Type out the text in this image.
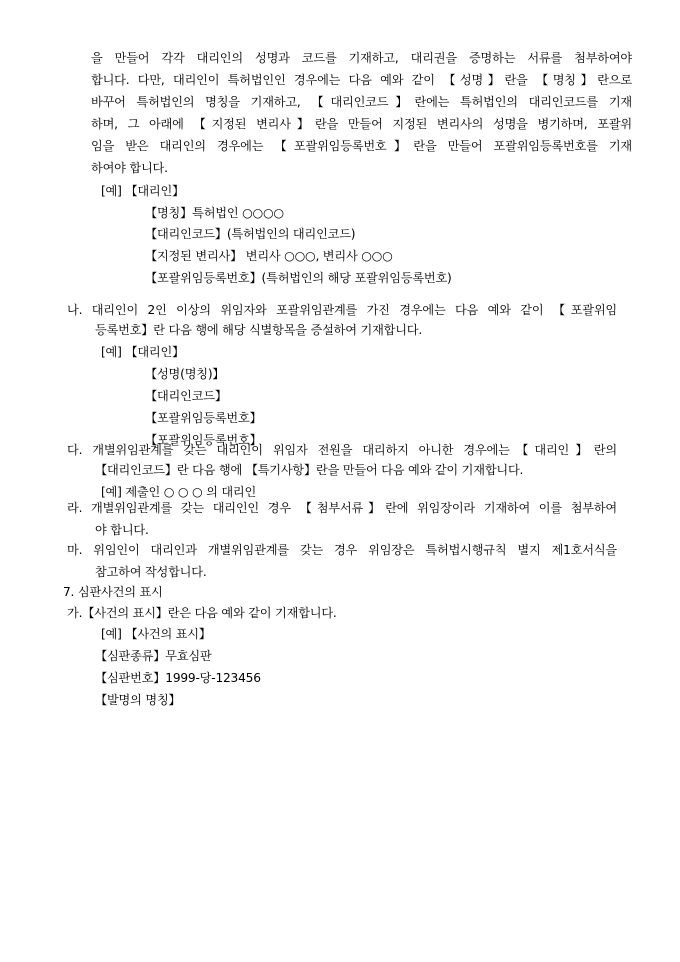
을 만들어 각각 대리인의 성명과 코드를 기재하고, 대리권을 증명하는 서류를 첨부하여야
합니다. 다만, 대리인이 특허법인인 경우에는 다음 예와 같이 【성명】란을 【명칭】란으로
바꾸어 특허법인의 명칭을 기재하고, 【대리인코드】란에는 특허법인의 대리인코드를 기재
하며, 그 아래에 【지정된 변리사】란을 만들어 지정된 변리사의 성명을 병기하며, 포괄위
임을 받은 대리인의 경우에는 【포괄위임등록번호】란을 만들어 포괄위임등록번호를 기재
하여야 합니다.
[예] 【대리인】
【명칭】특허법인 ○○○○
【대리인코드】(특허법인의 대리인코드)
【지정된 변리사】 변리사 ○○○, 변리사 ○○○
【포괄위임등록번호】(특허법인의 해당 포괄위임등록번호)
나. 대리인이 2인 이상의 위임자와 포괄위임관계를 가진 경우에는 다음 예와 같이 【포괄위임
등록번호】란 다음 행에 해당 식별항목을 증설하여 기재합니다.
[예] 【대리인】
【성명(명칭)】
【대리인코드】
【포괄위임등록번호】
【포괄위임등록번호】
다. 개별위임관계를 갖는 대리인이 위임자 전원을 대리하지 아니한 경우에는【대리인】란의
【대리인코드】란 다음 행에 【특기사항】란을 만들어 다음 예와 같이 기재합니다.
[예] 제출인 ○ ○ ○ 의 대리인
라. 개별위임관계를 갖는 대리인인 경우 【첨부서류】란에 위임장이라 기재하여 이를 첨부하여
야 합니다.
마. 위임인이 대리인과 개별위임관계를 갖는 경우 위임장은 특허법시행규칙 별지 제1호서식을
참고하여 작성합니다.
7. 심판사건의 표시
가.【사건의 표시】란은 다음 예와 같이 기재합니다.
[예] 【사건의 표시】
【심판종류】무효심판
【심판번호】1999-당-123456
【발명의 명칭】
